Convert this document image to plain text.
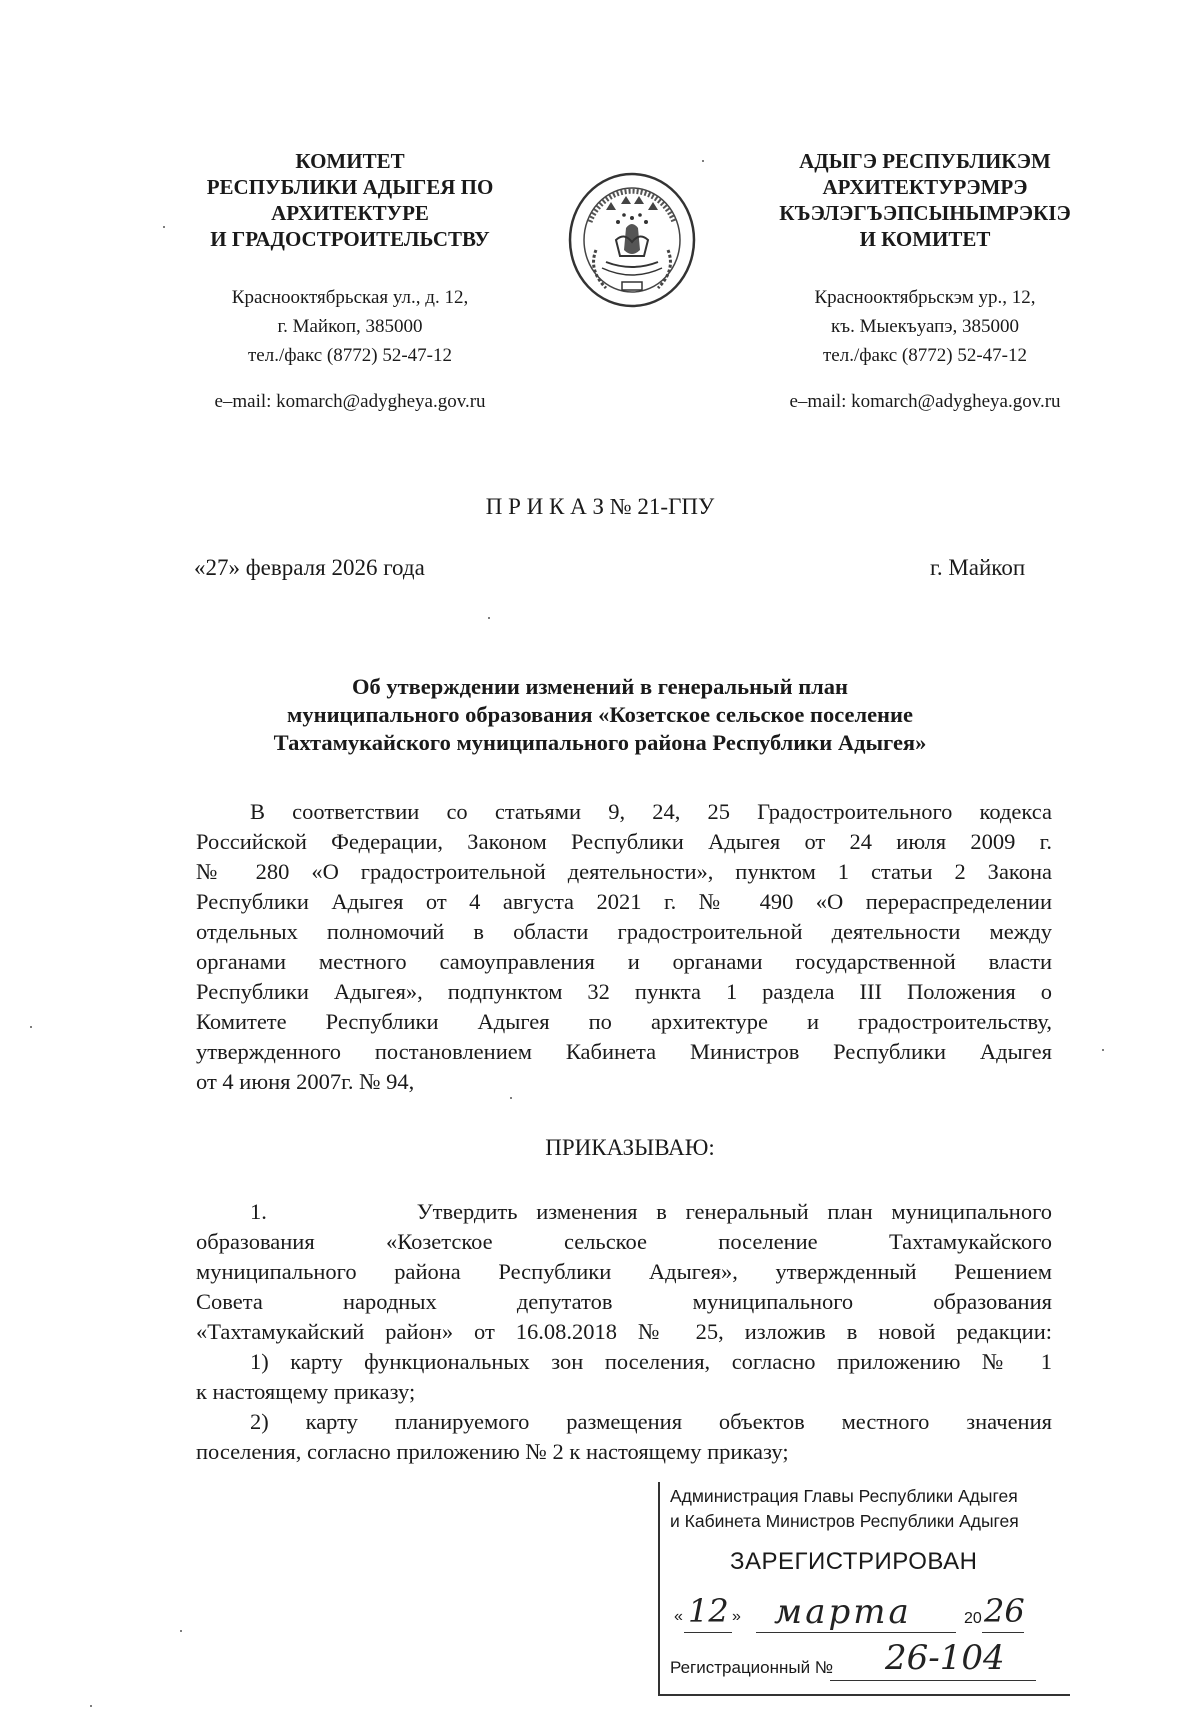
КОМИТЕТ
РЕСПУБЛИКИ АДЫГЕЯ ПО
АРХИТЕКТУРЕ
И ГРАДОСТРОИТЕЛЬСТВУ
Краснооктябрьская ул., д. 12,
г. Майкоп, 385000
тел./факс (8772) 52-47-12
e–mail: komarch@adygheya.gov.ru
АДЫГЭ РЕСПУБЛИКЭМ
АРХИТЕКТУРЭМРЭ
КЪЭЛЭГЪЭПСЫНЫМРЭКIЭ
И КОМИТЕТ
Краснооктябрьскэм ур., 12,
къ. Мыекъуапэ, 385000
тел./факс (8772) 52-47-12
e–mail: komarch@adygheya.gov.ru
П Р И К А З № 21-ГПУ
«27» февраля 2026 года	г. Майкоп
Об утверждении изменений в генеральный план
муниципального образования «Козетское сельское поселение
Тахтамукайского муниципального района Республики Адыгея»
В соответствии со статьями 9, 24, 25 Градостроительного кодекса
Российской Федерации, Законом Республики Адыгея от 24 июля 2009 г.
№ 280 «О градостроительной деятельности», пунктом 1 статьи 2 Закона
Республики Адыгея от 4 августа 2021 г. № 490 «О перераспределении
отдельных полномочий в области градостроительной деятельности между
органами местного самоуправления и органами государственной власти
Республики Адыгея», подпунктом 32 пункта 1 раздела III Положения о
Комитете Республики Адыгея по архитектуре и градостроительству,
утвержденного постановлением Кабинета Министров Республики Адыгея
от 4 июня 2007г. № 94,
ПРИКАЗЫВАЮ:
1.        Утвердить изменения в генеральный план муниципального
образования «Козетское сельское поселение Тахтамукайского
муниципального района Республики Адыгея», утвержденный Решением
Совета народных депутатов муниципального образования
«Тахтамукайский район» от 16.08.2018 № 25, изложив в новой редакции:
1) карту функциональных зон поселения, согласно приложению № 1
к настоящему приказу;
2) карту планируемого размещения объектов местного значения
поселения, согласно приложению № 2 к настоящему приказу;
Администрация Главы Республики Адыгея
и Кабинета Министров Республики Адыгея
ЗАРЕГИСТРИРОВАН
« 12 » марта	20 26
Регистрационный № 26-104
